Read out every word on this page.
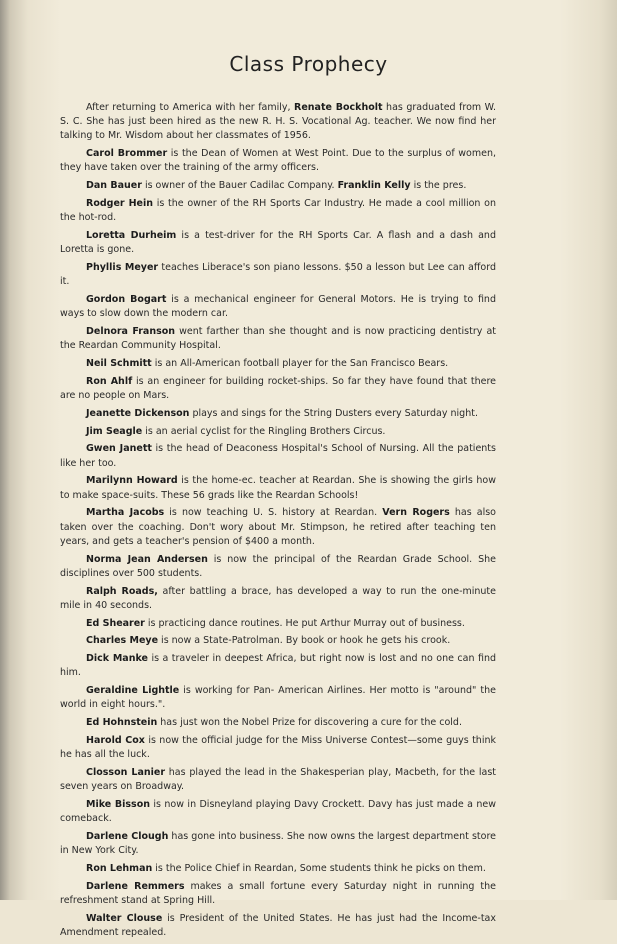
Class Prophecy

After returning to America with her family, Renate Bockholt has graduated from W. S. C. She has just been hired as the new R. H. S. Vocational Ag. teacher. We now find her talking to Mr. Wisdom about her classmates of 1956.

Carol Brommer is the Dean of Women at West Point. Due to the surplus of women, they have taken over the training of the army officers.

Dan Bauer is owner of the Bauer Cadilac Company. Franklin Kelly is the pres.

Rodger Hein is the owner of the RH Sports Car Industry. He made a cool million on the hot-rod.

Loretta Durheim is a test-driver for the RH Sports Car. A flash and a dash and Loretta is gone.

Phyllis Meyer teaches Liberace's son piano lessons. $50 a lesson but Lee can afford it.

Gordon Bogart is a mechanical engineer for General Motors. He is trying to find ways to slow down the modern car.

Delnora Franson went farther than she thought and is now practicing dentistry at the Reardan Community Hospital.

Neil Schmitt is an All-American football player for the San Francisco Bears.

Ron Ahlf is an engineer for building rocket-ships. So far they have found that there are no people on Mars.

Jeanette Dickenson plays and sings for the String Dusters every Saturday night.

Jim Seagle is an aerial cyclist for the Ringling Brothers Circus.

Gwen Janett is the head of Deaconess Hospital's School of Nursing. All the patients like her too.

Marilynn Howard is the home-ec. teacher at Reardan. She is showing the girls how to make space-suits. These 56 grads like the Reardan Schools!

Martha Jacobs is now teaching U. S. history at Reardan. Vern Rogers has also taken over the coaching. Don't wory about Mr. Stimpson, he retired after teaching ten years, and gets a teacher's pension of $400 a month.

Norma Jean Andersen is now the principal of the Reardan Grade School. She disciplines over 500 students.

Ralph Roads, after battling a brace, has developed a way to run the one-minute mile in 40 seconds.

Ed Shearer is practicing dance routines. He put Arthur Murray out of business.

Charles Meye is now a State-Patrolman. By book or hook he gets his crook.

Dick Manke is a traveler in deepest Africa, but right now is lost and no one can find him.

Geraldine Lightle is working for Pan- American Airlines. Her motto is "around" the world in eight hours.".

Ed Hohnstein has just won the Nobel Prize for discovering a cure for the cold.

Harold Cox is now the official judge for the Miss Universe Contest—some guys think he has all the luck.

Closson Lanier has played the lead in the Shakesperian play, Macbeth, for the last seven years on Broadway.

Mike Bisson is now in Disneyland playing Davy Crockett. Davy has just made a new comeback.

Darlene Clough has gone into business. She now owns the largest department store in New York City.

Ron Lehman is the Police Chief in Reardan, Some students think he picks on them.

Darlene Remmers makes a small fortune every Saturday night in running the refreshment stand at Spring Hill.

Walter Clouse is President of the United States. He has just had the Income-tax Amendment repealed.
